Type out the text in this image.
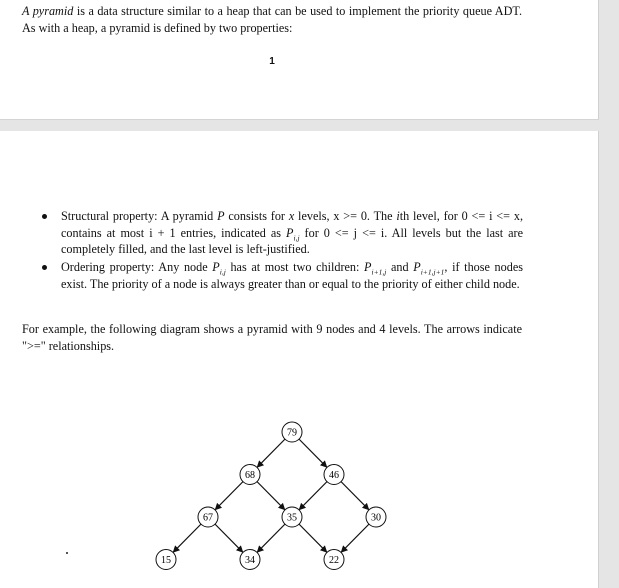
A pyramid is a data structure similar to a heap that can be used to implement the priority queue ADT. As with a heap, a pyramid is defined by two properties:

1
Structural property: A pyramid P consists for x levels, x >= 0. The ith level, for 0 <= i <= x, contains at most i + 1 entries, indicated as $P_{i,j}$ for 0 <= j <= i. All levels but the last are completely filled, and the last level is left-justified.
Ordering property: Any node $P_{i,j}$ has at most two children: $P_{i+1,j}$ and $P_{i+1,j+1}$, if those nodes exist. The priority of a node is always greater than or equal to the priority of either child node.

For example, the following diagram shows a pyramid with 9 nodes and 4 levels. The arrows indicate ">=" relationships.

79
68	46
67	35	30
15	34	22
